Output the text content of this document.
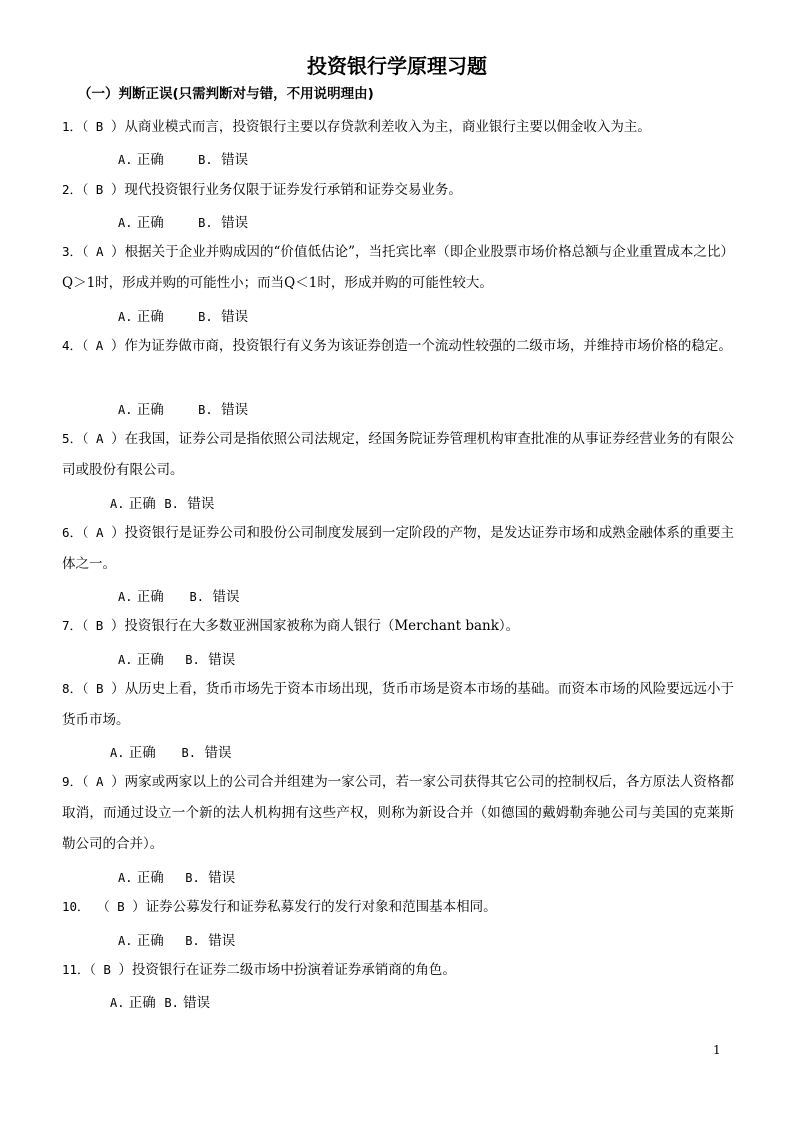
投资银行学原理习题
（一）判断正误(只需判断对与错，不用说明理由)
1．（ B ）从商业模式而言，投资银行主要以存贷款利差收入为主，商业银行主要以佣金收入为主。
A. 正确	B. 错误
2．（ B ）现代投资银行业务仅限于证券发行承销和证券交易业务。
A. 正确	B. 错误
3．（ A ）根据关于企业并购成因的“价值低估论”，当托宾比率（即企业股票市场价格总额与企业重置成本之比）Q＞1时，形成并购的可能性小；而当Q＜1时，形成并购的可能性较大。
A. 正确	B. 错误
4．（ A ）作为证券做市商，投资银行有义务为该证券创造一个流动性较强的二级市场，并维持市场价格的稳定。
A. 正确	B. 错误
5．（ A ）在我国，证券公司是指依照公司法规定，经国务院证券管理机构审查批准的从事证券经营业务的有限公司或股份有限公司。
A. 正确 B. 错误
6．（ A ）投资银行是证券公司和股份公司制度发展到一定阶段的产物，是发达证券市场和成熟金融体系的重要主体之一。
A. 正确 B. 错误
7．（ B ）投资银行在大多数亚洲国家被称为商人银行（Merchant bank）。
A. 正确 B. 错误
8．（ B ）从历史上看，货币市场先于资本市场出现，货币市场是资本市场的基础。而资本市场的风险要远远小于货币市场。
A. 正确 B. 错误
9．（ A ）两家或两家以上的公司合并组建为一家公司，若一家公司获得其它公司的控制权后，各方原法人资格都取消，而通过设立一个新的法人机构拥有这些产权，则称为新设合并（如德国的戴姆勒奔驰公司与美国的克莱斯勒公司的合并）。
A. 正确 B. 错误
10． （ B ）证券公募发行和证券私募发行的发行对象和范围基本相同。
A. 正确 B. 错误
11．（ B ）投资银行在证券二级市场中扮演着证券承销商的角色。
A. 正确 B. 错误
1
